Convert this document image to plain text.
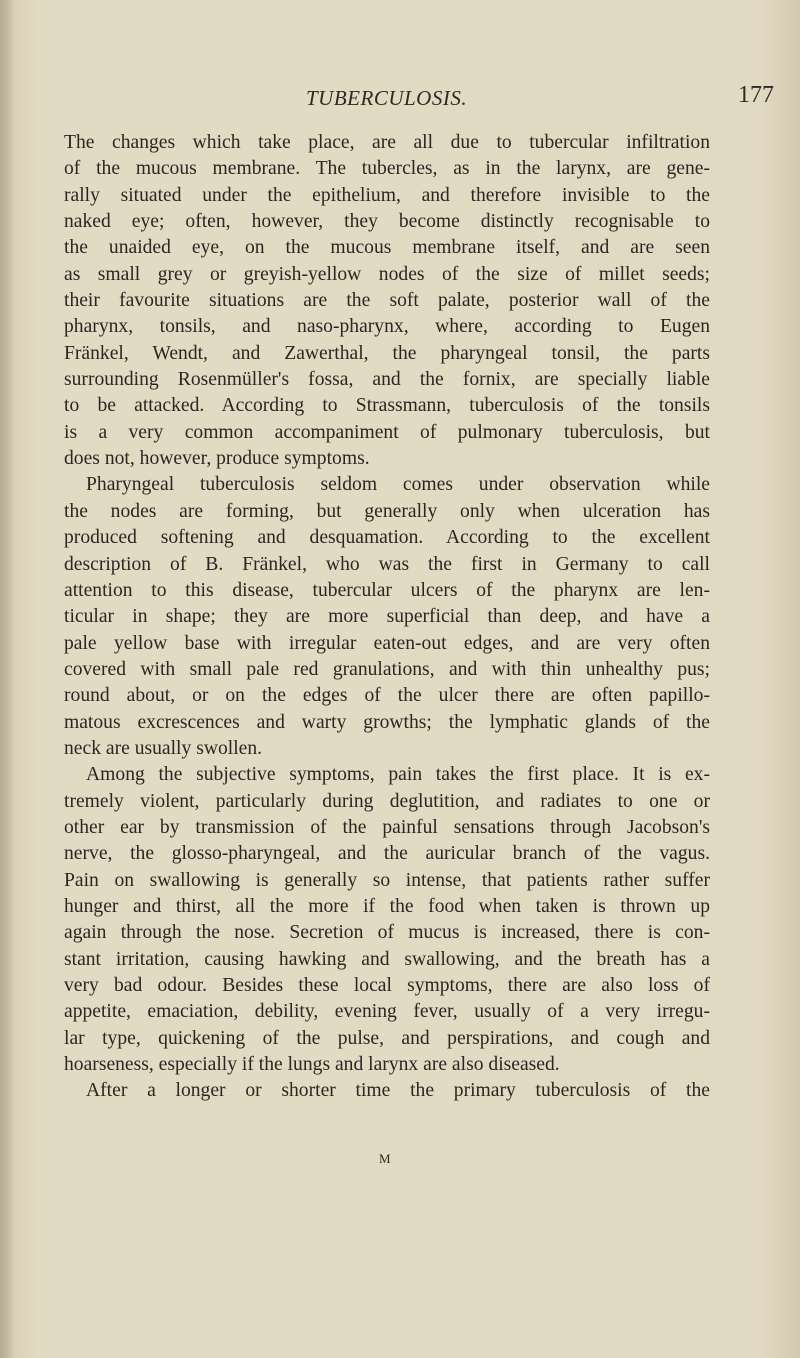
TUBERCULOSIS.	177
The changes which take place, are all due to tubercular infiltration
of the mucous membrane. The tubercles, as in the larynx, are gene-
rally situated under the epithelium, and therefore invisible to the
naked eye; often, however, they become distinctly recognisable to
the unaided eye, on the mucous membrane itself, and are seen
as small grey or greyish-yellow nodes of the size of millet seeds;
their favourite situations are the soft palate, posterior wall of the
pharynx, tonsils, and naso-pharynx, where, according to Eugen
Fränkel, Wendt, and Zawerthal, the pharyngeal tonsil, the parts
surrounding Rosenmüller's fossa, and the fornix, are specially liable
to be attacked. According to Strassmann, tuberculosis of the tonsils
is a very common accompaniment of pulmonary tuberculosis, but
does not, however, produce symptoms.
Pharyngeal tuberculosis seldom comes under observation while
the nodes are forming, but generally only when ulceration has
produced softening and desquamation. According to the excellent
description of B. Fränkel, who was the first in Germany to call
attention to this disease, tubercular ulcers of the pharynx are len-
ticular in shape; they are more superficial than deep, and have a
pale yellow base with irregular eaten-out edges, and are very often
covered with small pale red granulations, and with thin unhealthy pus;
round about, or on the edges of the ulcer there are often papillo-
matous excrescences and warty growths; the lymphatic glands of the
neck are usually swollen.
Among the subjective symptoms, pain takes the first place. It is ex-
tremely violent, particularly during deglutition, and radiates to one or
other ear by transmission of the painful sensations through Jacobson's
nerve, the glosso-pharyngeal, and the auricular branch of the vagus.
Pain on swallowing is generally so intense, that patients rather suffer
hunger and thirst, all the more if the food when taken is thrown up
again through the nose. Secretion of mucus is increased, there is con-
stant irritation, causing hawking and swallowing, and the breath has a
very bad odour. Besides these local symptoms, there are also loss of
appetite, emaciation, debility, evening fever, usually of a very irregu-
lar type, quickening of the pulse, and perspirations, and cough and
hoarseness, especially if the lungs and larynx are also diseased.
After a longer or shorter time the primary tuberculosis of the
M
